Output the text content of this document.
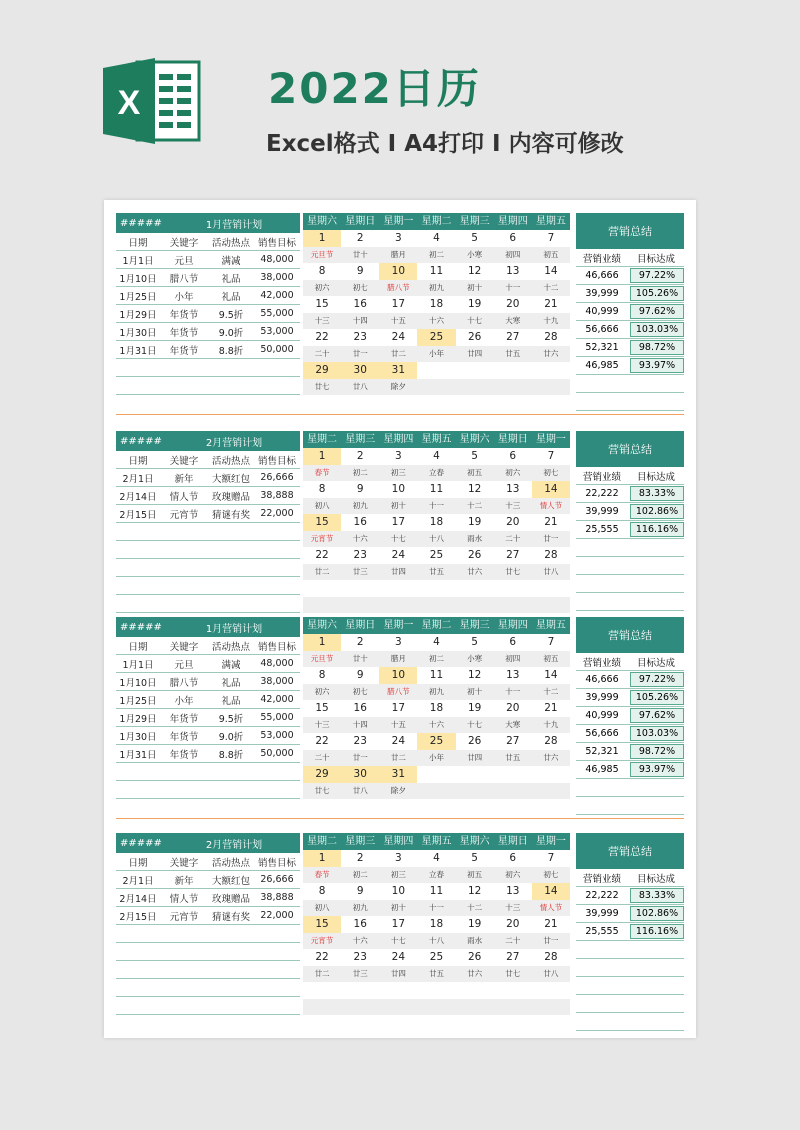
X	2022日历

Excel格式 I A4打印 I 内容可修改

#####	1月营销计划
日期	关键字	活动热点 销售目标
1月1日	元旦	满减	48,000
1月10日	腊八节	礼品	38,000
1月25日	小年	礼品	42,000
1月29日	年货节	9.5折	55,000
1月30日	年货节	9.0折	53,000
1月31日	年货节	8.8折	50,000
星期六 星期日 星期一 星期二 星期三 星期四 星期五
1	2	3	4	5	6	7
元旦节	廿十	腊月	初二	小寒	初四	初五
8	9	10	11	12	13	14
初六	初七	腊八节	初九	初十	十一	十二
15	16	17	18	19	20	21
十三	十四	十五	十六	十七	大寒	十九
22	23	24	25	26	27	28
二十	廿一	廿二	小年	廿四	廿五	廿六
29	30	31
廿七	廿八	除夕
营销总结
营销业绩	目标达成
46,666	97.22%
39,999	105.26%
40,999	97.62%
56,666	103.03%
52,321	98.72%
46,985	93.97%
#####	2月营销计划
日期	关键字	活动热点 销售目标
2月1日	新年	大额红包	26,666
2月14日	情人节	玫瑰赠品	38,888
2月15日	元宵节	猜谜有奖	22,000
星期二 星期三 星期四 星期五 星期六 星期日 星期一
1	2	3	4	5	6	7
春节	初二	初三	立春	初五	初六	初七
8	9	10	11	12	13	14
初八	初九	初十	十一	十二	十三	情人节
15	16	17	18	19	20	21
元宵节	十六	十七	十八	雨水	二十	廿一
22	23	24	25	26	27	28
廿二	廿三	廿四	廿五	廿六	廿七	廿八
营销总结
营销业绩	目标达成
22,222	83.33%
39,999	102.86%
25,555	116.16%
#####	1月营销计划
日期	关键字	活动热点 销售目标
1月1日	元旦	满减	48,000
1月10日	腊八节	礼品	38,000
1月25日	小年	礼品	42,000
1月29日	年货节	9.5折	55,000
1月30日	年货节	9.0折	53,000
1月31日	年货节	8.8折	50,000
星期六 星期日 星期一 星期二 星期三 星期四 星期五
1	2	3	4	5	6	7
元旦节	廿十	腊月	初二	小寒	初四	初五
8	9	10	11	12	13	14
初六	初七	腊八节	初九	初十	十一	十二
15	16	17	18	19	20	21
十三	十四	十五	十六	十七	大寒	十九
22	23	24	25	26	27	28
二十	廿一	廿二	小年	廿四	廿五	廿六
29	30	31
廿七	廿八	除夕
营销总结
营销业绩	目标达成
46,666	97.22%
39,999	105.26%
40,999	97.62%
56,666	103.03%
52,321	98.72%
46,985	93.97%
#####	2月营销计划
日期	关键字	活动热点 销售目标
2月1日	新年	大额红包	26,666
2月14日	情人节	玫瑰赠品	38,888
2月15日	元宵节	猜谜有奖	22,000
星期二 星期三 星期四 星期五 星期六 星期日 星期一
1	2	3	4	5	6	7
春节	初二	初三	立春	初五	初六	初七
8	9	10	11	12	13	14
初八	初九	初十	十一	十二	十三	情人节
15	16	17	18	19	20	21
元宵节	十六	十七	十八	雨水	二十	廿一
22	23	24	25	26	27	28
廿二	廿三	廿四	廿五	廿六	廿七	廿八
营销总结
营销业绩	目标达成
22,222	83.33%
39,999	102.86%
25,555	116.16%
